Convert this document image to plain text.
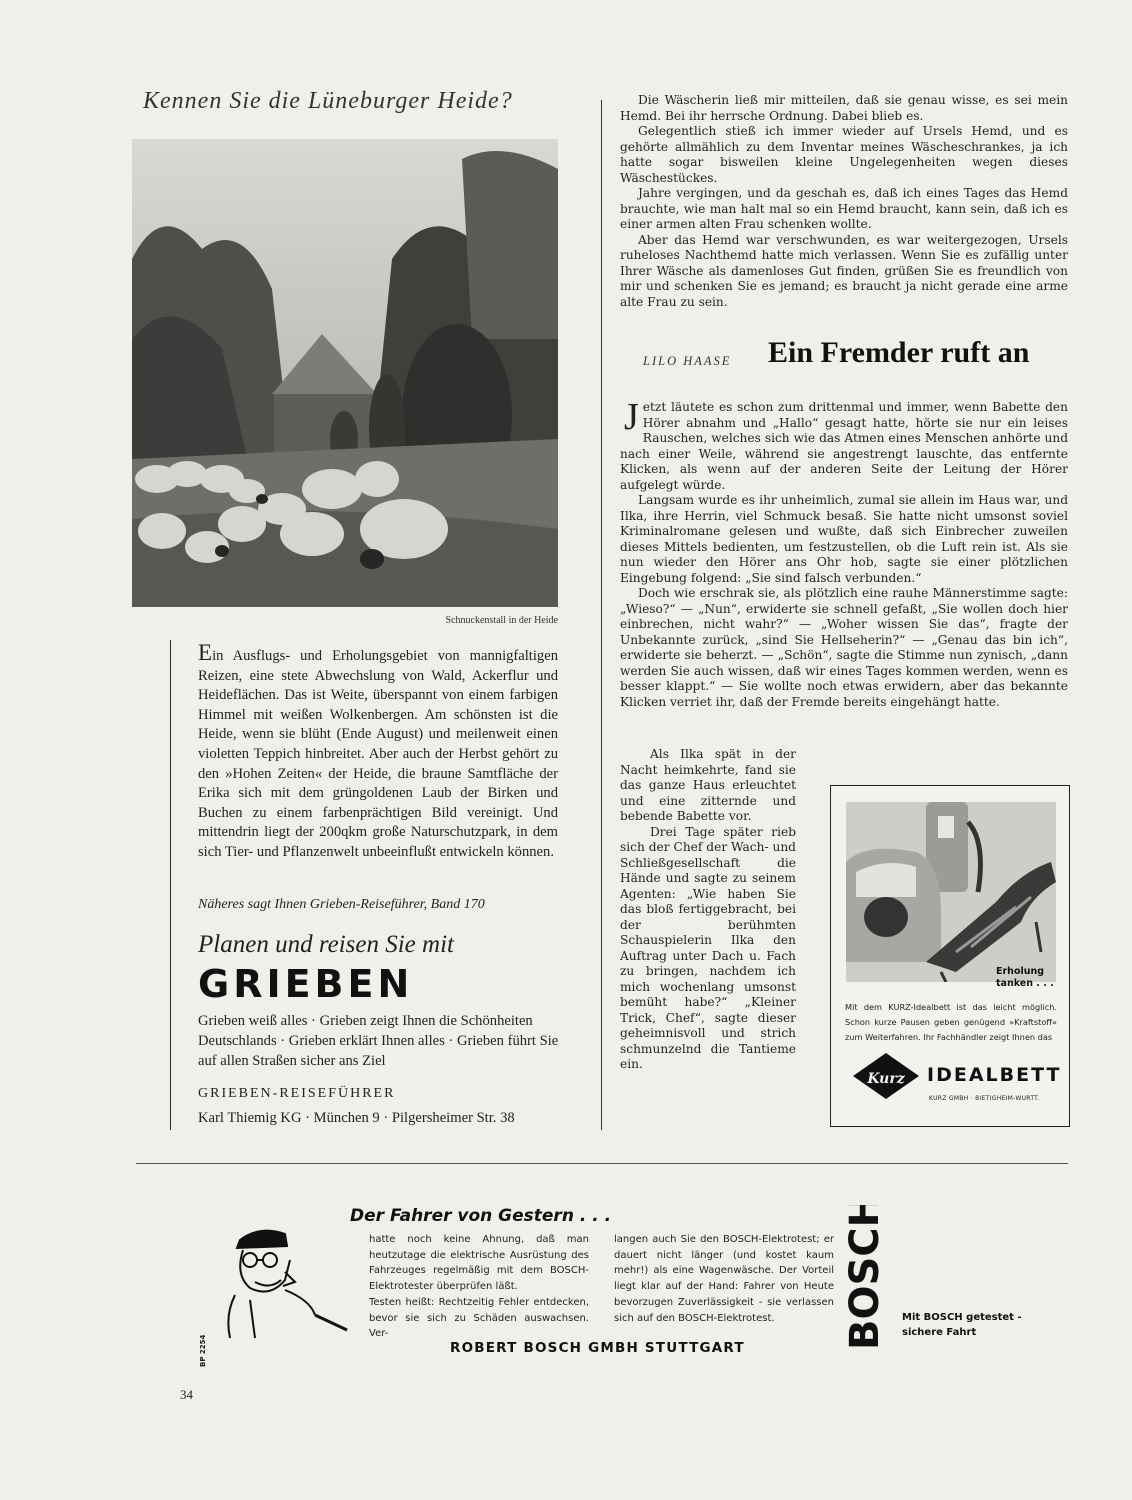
Kennen Sie die Lüneburger Heide?
Schnuckenstall in der Heide
Ein Ausflugs- und Erholungsgebiet von mannigfaltigen Reizen, eine stete Abwechslung von Wald, Ackerflur und Heideflächen. Das ist Weite, überspannt von einem farbigen Himmel mit weißen Wolkenbergen. Am schönsten ist die Heide, wenn sie blüht (Ende August) und meilenweit einen violetten Teppich hinbreitet. Aber auch der Herbst gehört zu den »Hohen Zeiten« der Heide, die braune Samtfläche der Erika sich mit dem grüngoldenen Laub der Birken und Buchen zu einem farbenprächtigen Bild vereinigt. Und mittendrin liegt der 200qkm große Naturschutzpark, in dem sich Tier- und Pflanzenwelt unbeeinflußt entwickeln können.
Näheres sagt Ihnen Grieben-Reiseführer, Band 170
Planen und reisen Sie mit
GRIEBEN
Grieben weiß alles · Grieben zeigt Ihnen die Schönheiten Deutschlands · Grieben erklärt Ihnen alles · Grieben führt Sie auf allen Straßen sicher ans Ziel
GRIEBEN-REISEFÜHRER
Karl Thiemig KG · München 9 · Pilgersheimer Str. 38

Die Wäscherin ließ mir mitteilen, daß sie genau wisse, es sei mein Hemd. Bei ihr herrsche Ordnung. Dabei blieb es.

Gelegentlich stieß ich immer wieder auf Ursels Hemd, und es gehörte allmählich zu dem Inventar meines Wäscheschrankes, ja ich hatte sogar bisweilen kleine Ungelegenheiten wegen dieses Wäschestückes.

Jahre vergingen, und da geschah es, daß ich eines Tages das Hemd brauchte, wie man halt mal so ein Hemd braucht, kann sein, daß ich es einer armen alten Frau schenken wollte.

Aber das Hemd war verschwunden, es war weitergezogen, Ursels ruheloses Nachthemd hatte mich verlassen. Wenn Sie es zufällig unter Ihrer Wäsche als damenloses Gut finden, grüßen Sie es freundlich von mir und schenken Sie es jemand; es braucht ja nicht gerade eine arme alte Frau zu sein.

LILO HAASE Ein Fremder ruft an

Jetzt läutete es schon zum drittenmal und immer, wenn Babette den Hörer abnahm und „Hallo“ gesagt hatte, hörte sie nur ein leises Rauschen, welches sich wie das Atmen eines Menschen anhörte und nach einer Weile, während sie angestrengt lauschte, das entfernte Klicken, als wenn auf der anderen Seite der Leitung der Hörer aufgelegt würde.

Langsam wurde es ihr unheimlich, zumal sie allein im Haus war, und Ilka, ihre Herrin, viel Schmuck besaß. Sie hatte nicht umsonst soviel Kriminalromane gelesen und wußte, daß sich Einbrecher zuweilen dieses Mittels bedienten, um festzustellen, ob die Luft rein ist. Als sie nun wieder den Hörer ans Ohr hob, sagte sie einer plötzlichen Eingebung folgend: „Sie sind falsch verbunden.“

Doch wie erschrak sie, als plötzlich eine rauhe Männerstimme sagte: „Wieso?“ — „Nun“, erwiderte sie schnell gefaßt, „Sie wollen doch hier einbrechen, nicht wahr?“ — „Woher wissen Sie das“, fragte der Unbekannte zurück, „sind Sie Hellseherin?“ — „Genau das bin ich“, erwiderte sie beherzt. — „Schön“, sagte die Stimme nun zynisch, „dann werden Sie auch wissen, daß wir eines Tages kommen werden, wenn es besser klappt.“ — Sie wollte noch etwas erwidern, aber das bekannte Klicken verriet ihr, daß der Fremde bereits eingehängt hatte.

Als Ilka spät in der Nacht heimkehrte, fand sie das ganze Haus erleuchtet und eine zitternde und bebende Babette vor.

Drei Tage später rieb sich der Chef der Wach- und Schließgesellschaft die Hände und sagte zu seinem Agenten: „Wie haben Sie das bloß fertiggebracht, bei der berühmten Schauspielerin Ilka den Auftrag unter Dach u. Fach zu bringen, nachdem ich mich wochenlang umsonst bemüht habe?“ „Kleiner Trick, Chef“, sagte dieser geheimnisvoll und strich schmunzelnd die Tantieme ein.

Erholung tanken . . .
Mit dem KURZ-Idealbett ist das leicht möglich. Schon kurze Pausen geben genügend »Kraftstoff« zum Weiterfahren. Ihr Fachhändler zeigt Ihnen das
Kurz IDEALBETT
KURZ GMBH · BIETIGHEIM-WURTT.
Der Fahrer von Gestern . . .

hatte noch keine Ahnung, daß man heutzutage die elektrische Ausrüstung des Fahrzeuges regelmäßig mit dem BOSCH-Elektrotester überprüfen läßt.

Testen heißt: Rechtzeitig Fehler entdecken, bevor sie sich zu Schäden auswachsen. Ver-

langen auch Sie den BOSCH-Elektrotest; er dauert nicht länger (und kostet kaum mehr!) als eine Wagenwäsche. Der Vorteil liegt klar auf der Hand: Fahrer von Heute bevorzugen Zuverlässigkeit - sie verlassen sich auf den BOSCH-Elektrotest.

ROBERT BOSCH GMBH STUTTGART	BOSCH Mit BOSCH getestet - sichere Fahrt
BP 2254
34
